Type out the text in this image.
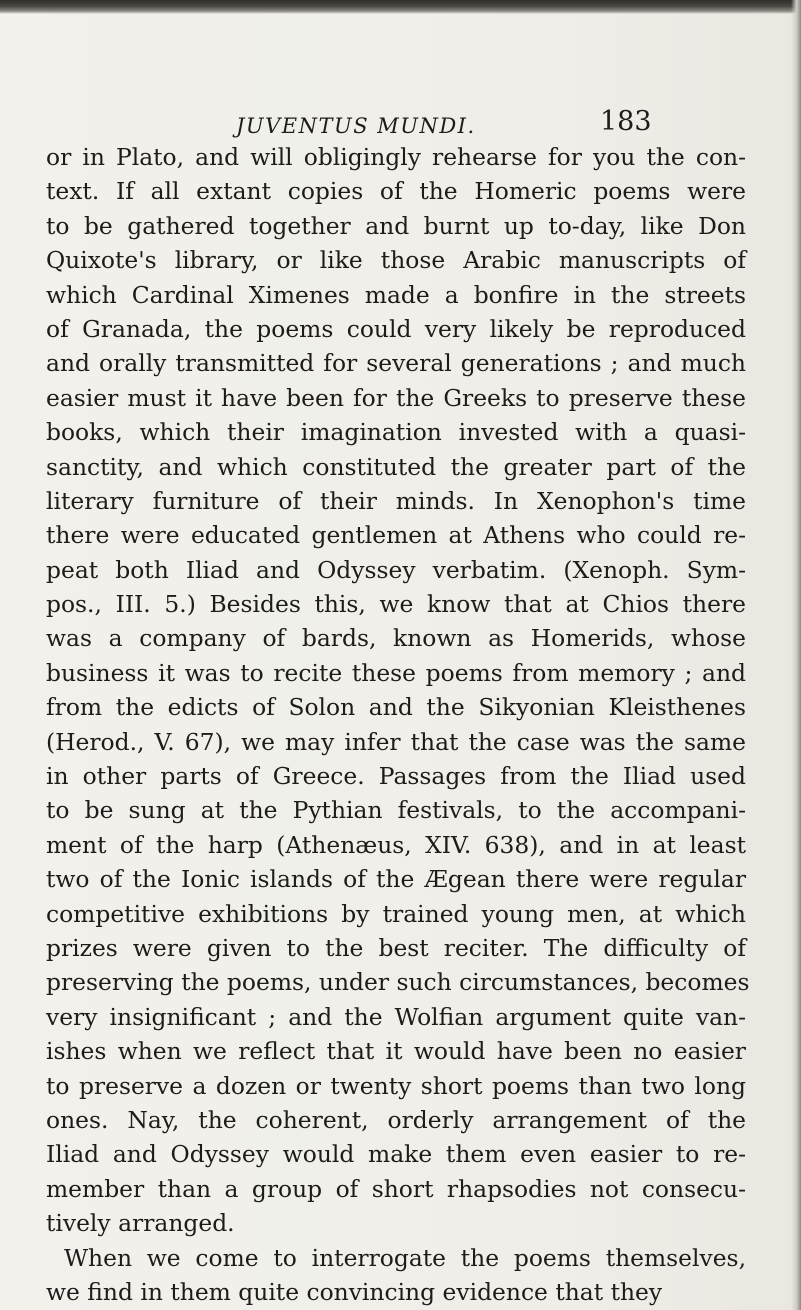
JUVENTUS MUNDI.	183
or in Plato, and will obligingly rehearse for you the con-
text. If all extant copies of the Homeric poems were
to be gathered together and burnt up to-day, like Don
Quixote's library, or like those Arabic manuscripts of
which Cardinal Ximenes made a bonfire in the streets
of Granada, the poems could very likely be reproduced
and orally transmitted for several generations ; and much
easier must it have been for the Greeks to preserve these
books, which their imagination invested with a quasi-
sanctity, and which constituted the greater part of the
literary furniture of their minds. In Xenophon's time
there were educated gentlemen at Athens who could re-
peat both Iliad and Odyssey verbatim. (Xenoph. Sym-
pos., III. 5.) Besides this, we know that at Chios there
was a company of bards, known as Homerids, whose
business it was to recite these poems from memory ; and
from the edicts of Solon and the Sikyonian Kleisthenes
(Herod., V. 67), we may infer that the case was the same
in other parts of Greece. Passages from the Iliad used
to be sung at the Pythian festivals, to the accompani-
ment of the harp (Athenæus, XIV. 638), and in at least
two of the Ionic islands of the Ægean there were regular
competitive exhibitions by trained young men, at which
prizes were given to the best reciter. The difficulty of
preserving the poems, under such circumstances, becomes
very insignificant ; and the Wolfian argument quite van-
ishes when we reflect that it would have been no easier
to preserve a dozen or twenty short poems than two long
ones. Nay, the coherent, orderly arrangement of the
Iliad and Odyssey would make them even easier to re-
member than a group of short rhapsodies not consecu-
tively arranged.
When we come to interrogate the poems themselves,
we find in them quite convincing evidence that they
